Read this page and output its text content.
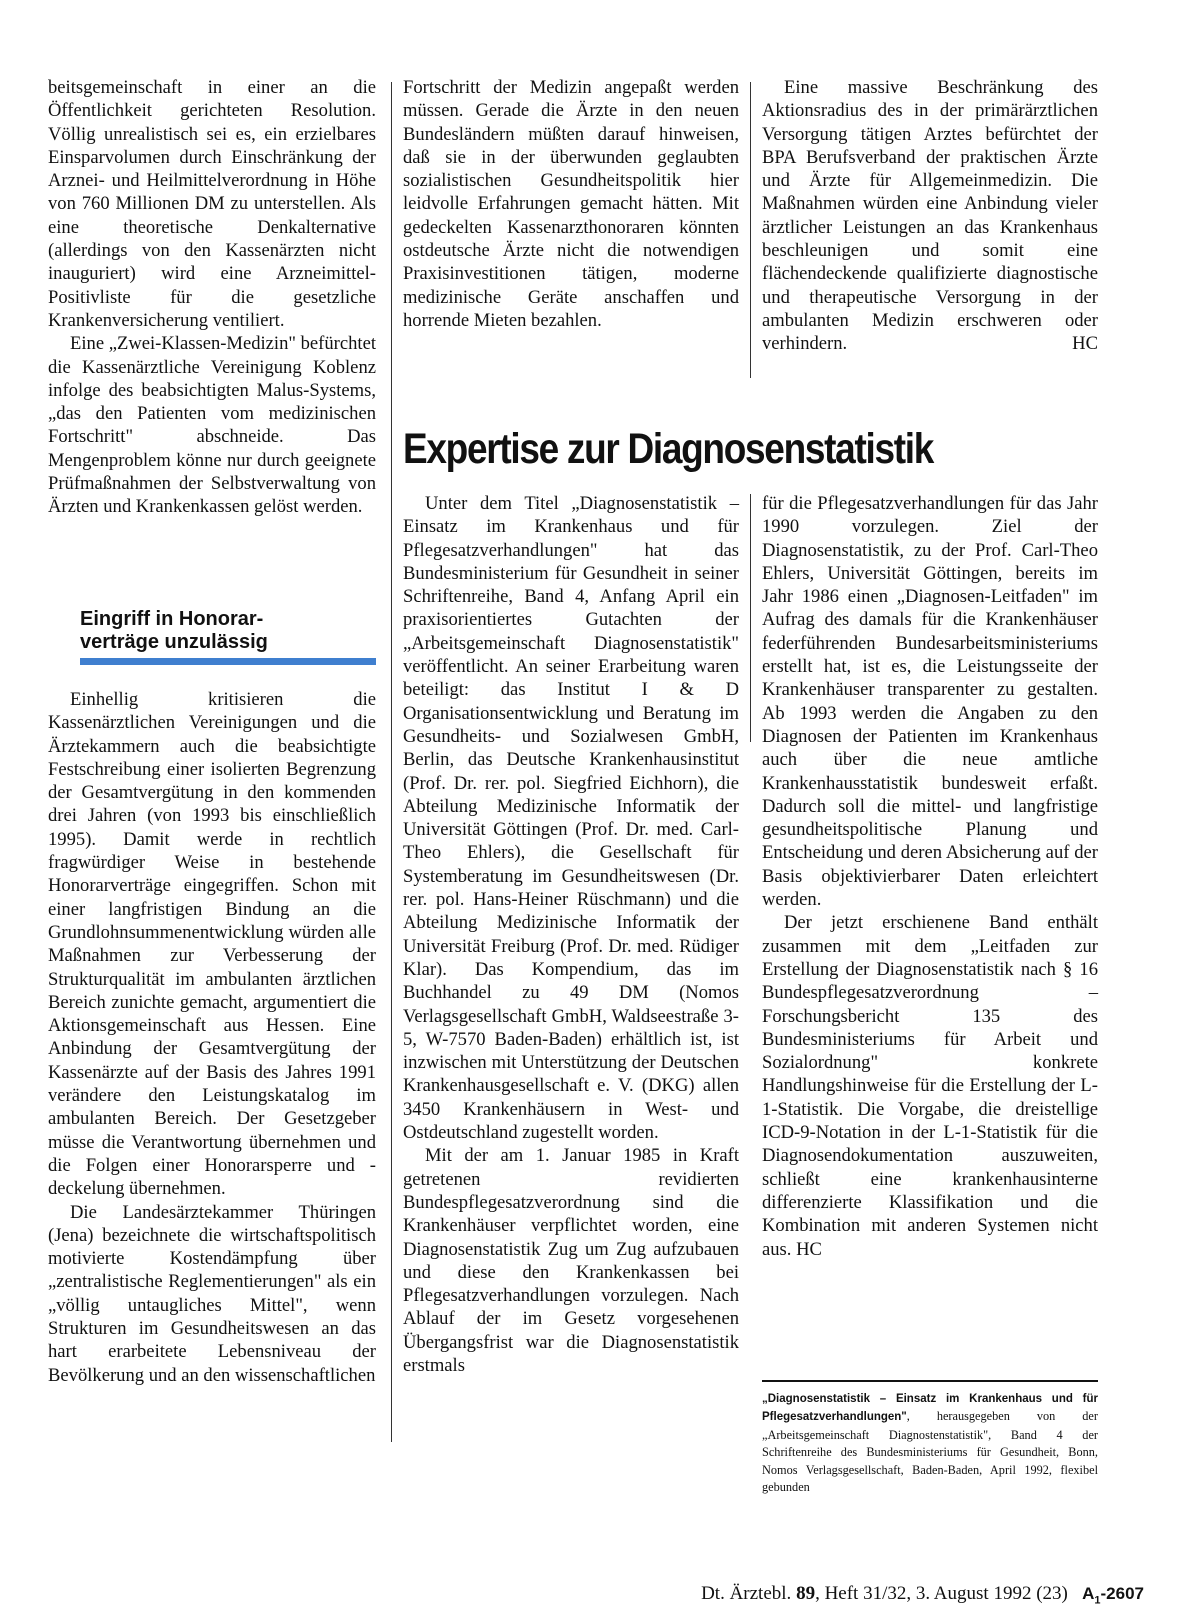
beitsgemeinschaft in einer an die Öffentlichkeit gerichteten Resolution. Völlig unrealistisch sei es, ein erzielbares Einsparvolumen durch Einschränkung der Arznei- und Heilmittelverordnung in Höhe von 760 Millionen DM zu unterstellen. Als eine theoretische Denkalternative (allerdings von den Kassenärzten nicht inauguriert) wird eine Arzneimittel-Positivliste für die gesetzliche Krankenversicherung ventiliert.

Eine „Zwei-Klassen-Medizin" befürchtet die Kassenärztliche Vereinigung Koblenz infolge des beabsichtigten Malus-Systems, „das den Patienten vom medizinischen Fortschritt" abschneide. Das Mengenproblem könne nur durch geeignete Prüfmaßnahmen der Selbstverwaltung von Ärzten und Krankenkassen gelöst werden.

Eingriff in Honorar-

verträge unzulässig

Einhellig kritisieren die Kassenärztlichen Vereinigungen und die Ärztekammern auch die beabsichtigte Festschreibung einer isolierten Begrenzung der Gesamtvergütung in den kommenden drei Jahren (von 1993 bis einschließlich 1995). Damit werde in rechtlich fragwürdiger Weise in bestehende Honorarverträge eingegriffen. Schon mit einer langfristigen Bindung an die Grundlohnsummenentwicklung würden alle Maßnahmen zur Verbesserung der Strukturqualität im ambulanten ärztlichen Bereich zunichte gemacht, argumentiert die Aktionsgemeinschaft aus Hessen. Eine Anbindung der Gesamtvergütung der Kassenärzte auf der Basis des Jahres 1991 verändere den Leistungskatalog im ambulanten Bereich. Der Gesetzgeber müsse die Verantwortung übernehmen und die Folgen einer Honorarsperre und -deckelung übernehmen.

Die Landesärztekammer Thüringen (Jena) bezeichnete die wirtschaftspolitisch motivierte Kostendämpfung über „zentralistische Reglementierungen" als ein „völlig untaugliches Mittel", wenn Strukturen im Gesundheitswesen an das hart erarbeitete Lebensniveau der Bevölkerung und an den wissenschaftlichen

Fortschritt der Medizin angepaßt werden müssen. Gerade die Ärzte in den neuen Bundesländern müßten darauf hinweisen, daß sie in der überwunden geglaubten sozialistischen Gesundheitspolitik hier leidvolle Erfahrungen gemacht hätten. Mit gedeckelten Kassenarzthonoraren könnten ostdeutsche Ärzte nicht die notwendigen Praxisinvestitionen tätigen, moderne medizinische Geräte anschaffen und horrende Mieten bezahlen.

Eine massive Beschränkung des Aktionsradius des in der primärärztlichen Versorgung tätigen Arztes befürchtet der BPA Berufsverband der praktischen Ärzte und Ärzte für Allgemeinmedizin. Die Maßnahmen würden eine Anbindung vieler ärztlicher Leistungen an das Krankenhaus beschleunigen und somit eine flächendeckende qualifizierte diagnostische und therapeutische Versorgung in der ambulanten Medizin erschweren oder verhindern.	HC

Expertise zur Diagnosenstatistik

Unter dem Titel „Diagnosenstatistik – Einsatz im Krankenhaus und für Pflegesatzverhandlungen" hat das Bundesministerium für Gesundheit in seiner Schriftenreihe, Band 4, Anfang April ein praxisorientiertes Gutachten der „Arbeitsgemeinschaft Diagnosenstatistik" veröffentlicht. An seiner Erarbeitung waren beteiligt: das Institut I & D Organisationsentwicklung und Beratung im Gesundheits- und Sozialwesen GmbH, Berlin, das Deutsche Krankenhausinstitut (Prof. Dr. rer. pol. Siegfried Eichhorn), die Abteilung Medizinische Informatik der Universität Göttingen (Prof. Dr. med. Carl-Theo Ehlers), die Gesellschaft für Systemberatung im Gesundheitswesen (Dr. rer. pol. Hans-Heiner Rüschmann) und die Abteilung Medizinische Informatik der Universität Freiburg (Prof. Dr. med. Rüdiger Klar). Das Kompendium, das im Buchhandel zu 49 DM (Nomos Verlagsgesellschaft GmbH, Waldseestraße 3-5, W-7570 Baden-Baden) erhältlich ist, ist inzwischen mit Unterstützung der Deutschen Krankenhausgesellschaft e. V. (DKG) allen 3450 Krankenhäusern in West- und Ostdeutschland zugestellt worden.

Mit der am 1. Januar 1985 in Kraft getretenen revidierten Bundespflegesatzverordnung sind die Krankenhäuser verpflichtet worden, eine Diagnosenstatistik Zug um Zug aufzubauen und diese den Krankenkassen bei Pflegesatzverhandlungen vorzulegen. Nach Ablauf der im Gesetz vorgesehenen Übergangsfrist war die Diagnosenstatistik erstmals

für die Pflegesatzverhandlungen für das Jahr 1990 vorzulegen. Ziel der Diagnosenstatistik, zu der Prof. Carl-Theo Ehlers, Universität Göttingen, bereits im Jahr 1986 einen „Diagnosen-Leitfaden" im Aufrag des damals für die Krankenhäuser federführenden Bundesarbeitsministeriums erstellt hat, ist es, die Leistungsseite der Krankenhäuser transparenter zu gestalten. Ab 1993 werden die Angaben zu den Diagnosen der Patienten im Krankenhaus auch über die neue amtliche Krankenhausstatistik bundesweit erfaßt. Dadurch soll die mittel- und langfristige gesundheitspolitische Planung und Entscheidung und deren Absicherung auf der Basis objektivierbarer Daten erleichtert werden.

Der jetzt erschienene Band enthält zusammen mit dem „Leitfaden zur Erstellung der Diagnosenstatistik nach § 16 Bundespflegesatzverordnung – Forschungsbericht 135 des Bundesministeriums für Arbeit und Sozialordnung" konkrete Handlungshinweise für die Erstellung der L-1-Statistik. Die Vorgabe, die dreistellige ICD-9-Notation in der L-1-Statistik für die Diagnosendokumentation auszuweiten, schließt eine krankenhausinterne differenzierte Klassifikation und die Kombination mit anderen Systemen nicht aus. HC

„Diagnosenstatistik – Einsatz im Krankenhaus und für Pflegesatzverhandlungen", herausgegeben von der „Arbeitsgemeinschaft Diagnostenstatistik", Band 4 der Schriftenreihe des Bundesministeriums für Gesundheit, Bonn, Nomos Verlagsgesellschaft, Baden-Baden, April 1992, flexibel gebunden
Dt. Ärztebl. 89, Heft 31/32, 3. August 1992 (23) $A_1-2607$
